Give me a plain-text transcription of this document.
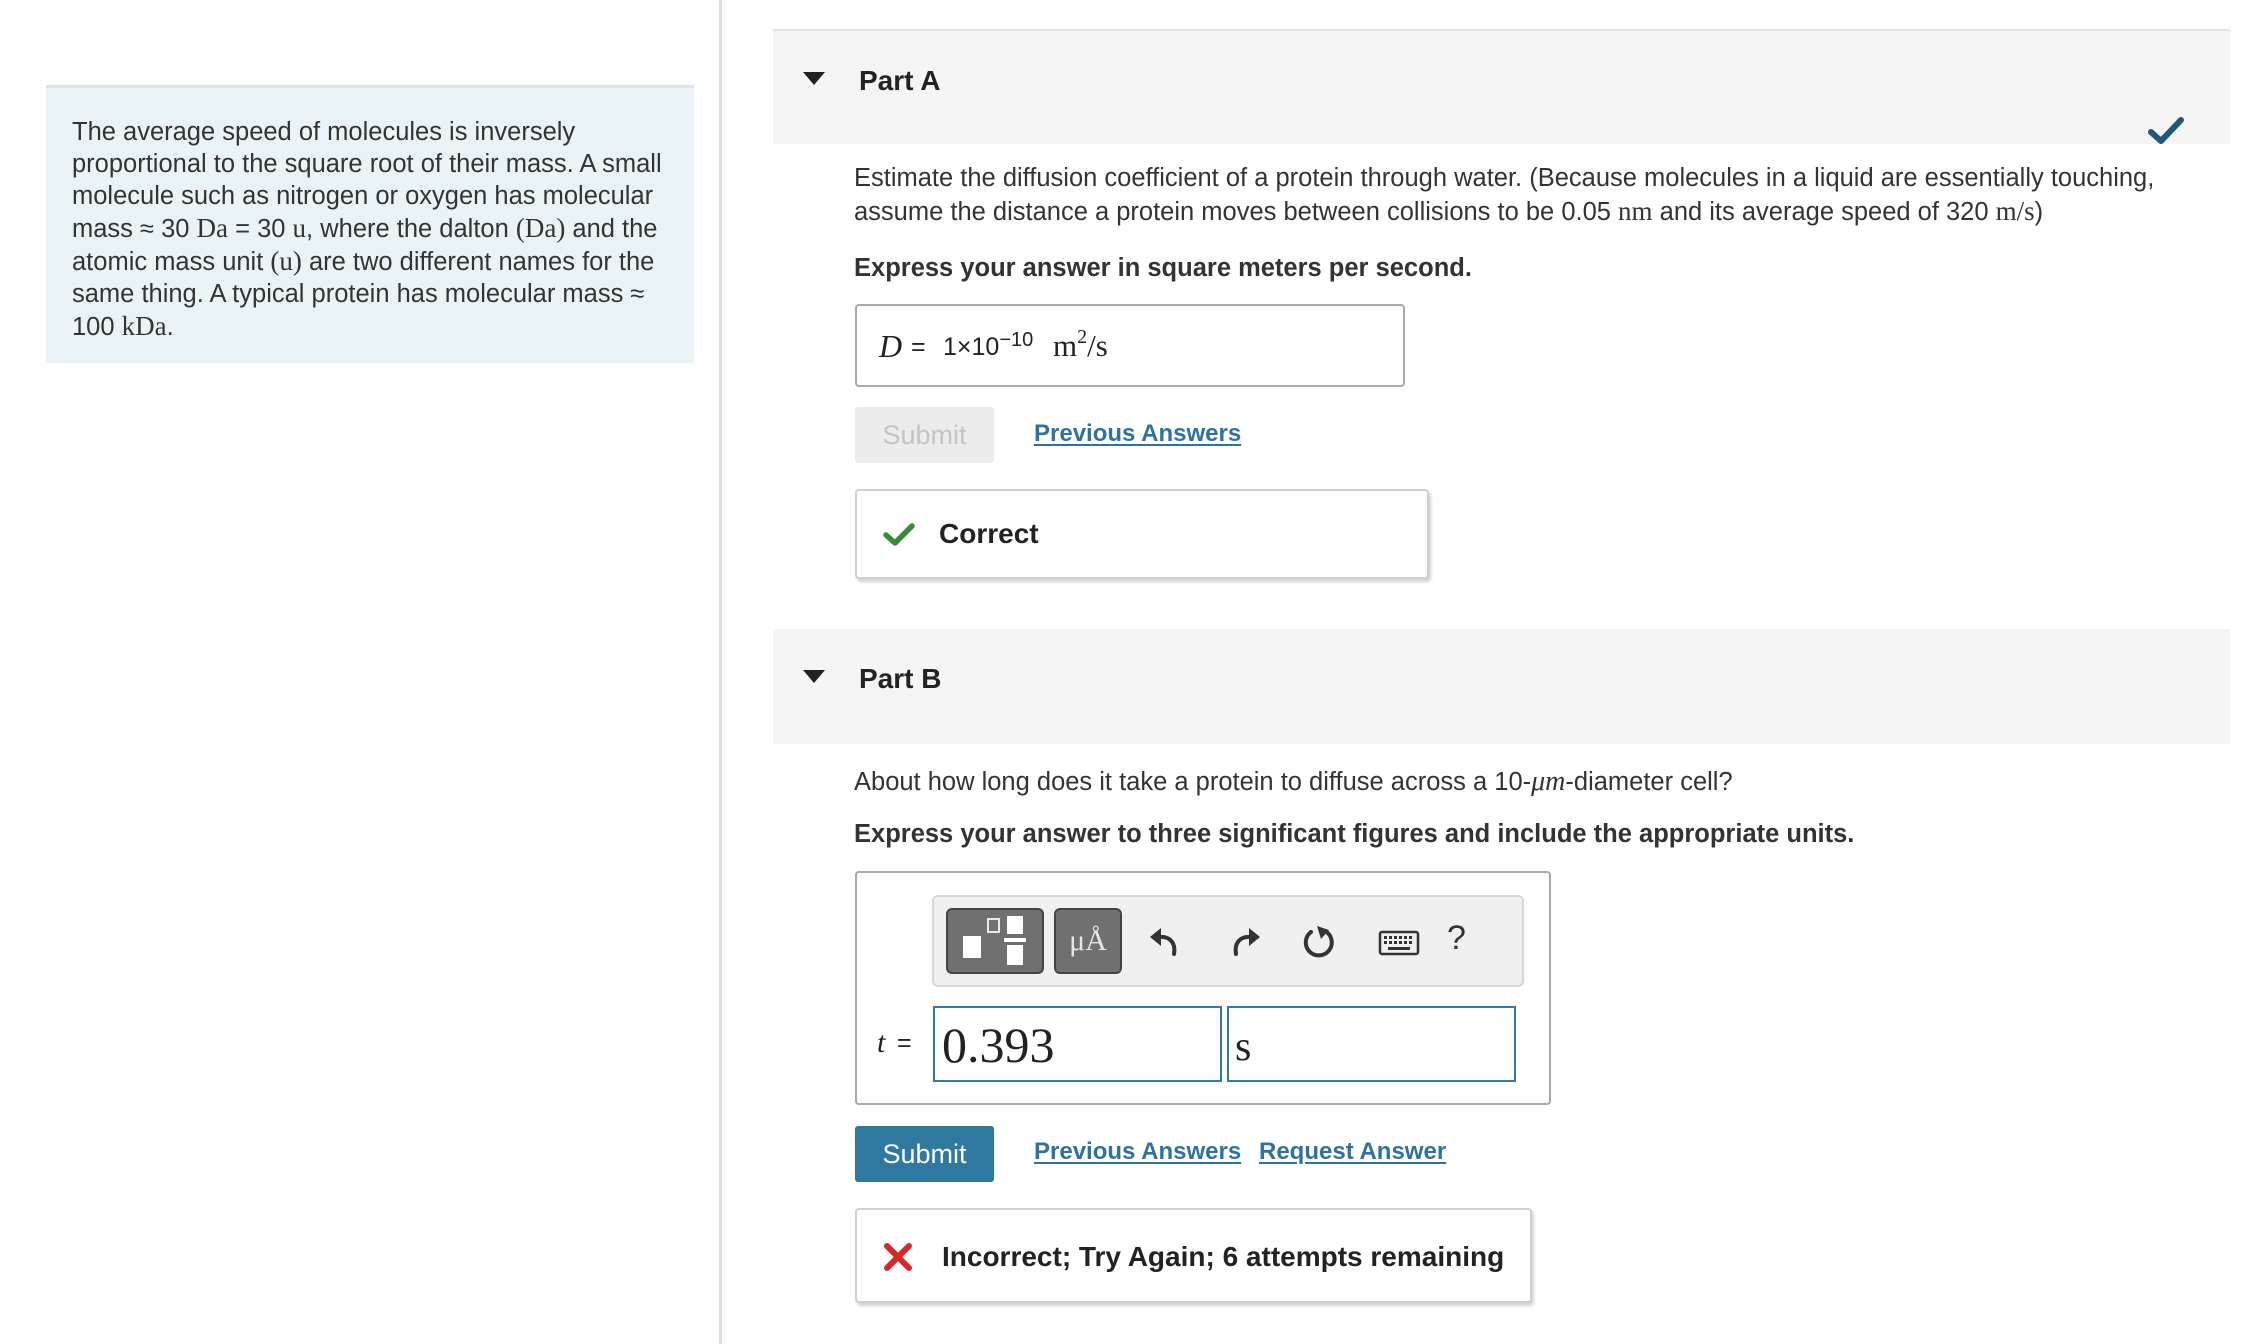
The average speed of molecules is inversely proportional to the square root of their mass. A small molecule such as nitrogen or oxygen has molecular mass ≈ 30 Da = 30 u, where the dalton (Da) and the atomic mass unit (u) are two different names for the same thing. A typical protein has molecular mass ≈ 100 kDa.
Part A
Estimate the diffusion coefficient of a protein through water. (Because molecules in a liquid are essentially touching, assume the distance a protein moves between collisions to be 0.05 nm and its average speed of 320 m/s)
Express your answer in square meters per second.
$D = 1\times 10^{-10}$ $m^2/s$
Submit	Previous Answers
Correct
Part B
About how long does it take a protein to diffuse across a 10-μm-diameter cell?
Express your answer to three significant figures and include the appropriate units.
μÅ	?
t = 0.393	s
Submit	Previous Answers Request Answer
Incorrect; Try Again; 6 attempts remaining
